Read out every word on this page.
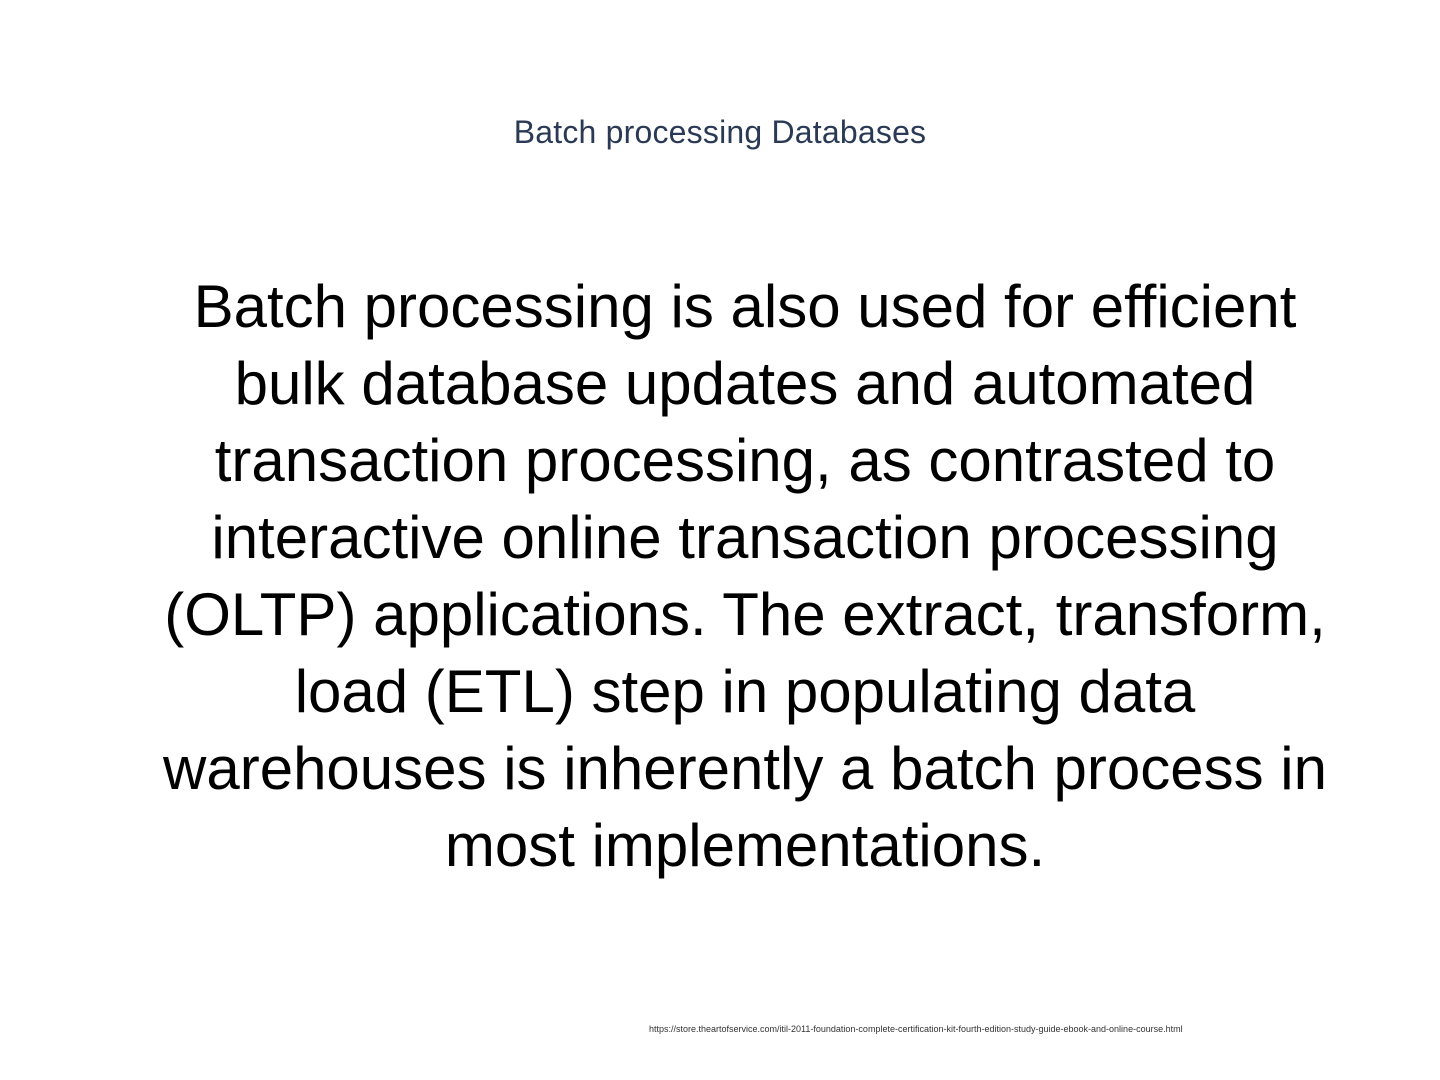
Batch processing Databases
Batch processing is also used for efficient bulk database updates and automated transaction processing, as contrasted to interactive online transaction processing (OLTP) applications. The extract, transform, load (ETL) step in populating data warehouses is inherently a batch process in most implementations.
https://store.theartofservice.com/itil-2011-foundation-complete-certification-kit-fourth-edition-study-guide-ebook-and-online-course.html
